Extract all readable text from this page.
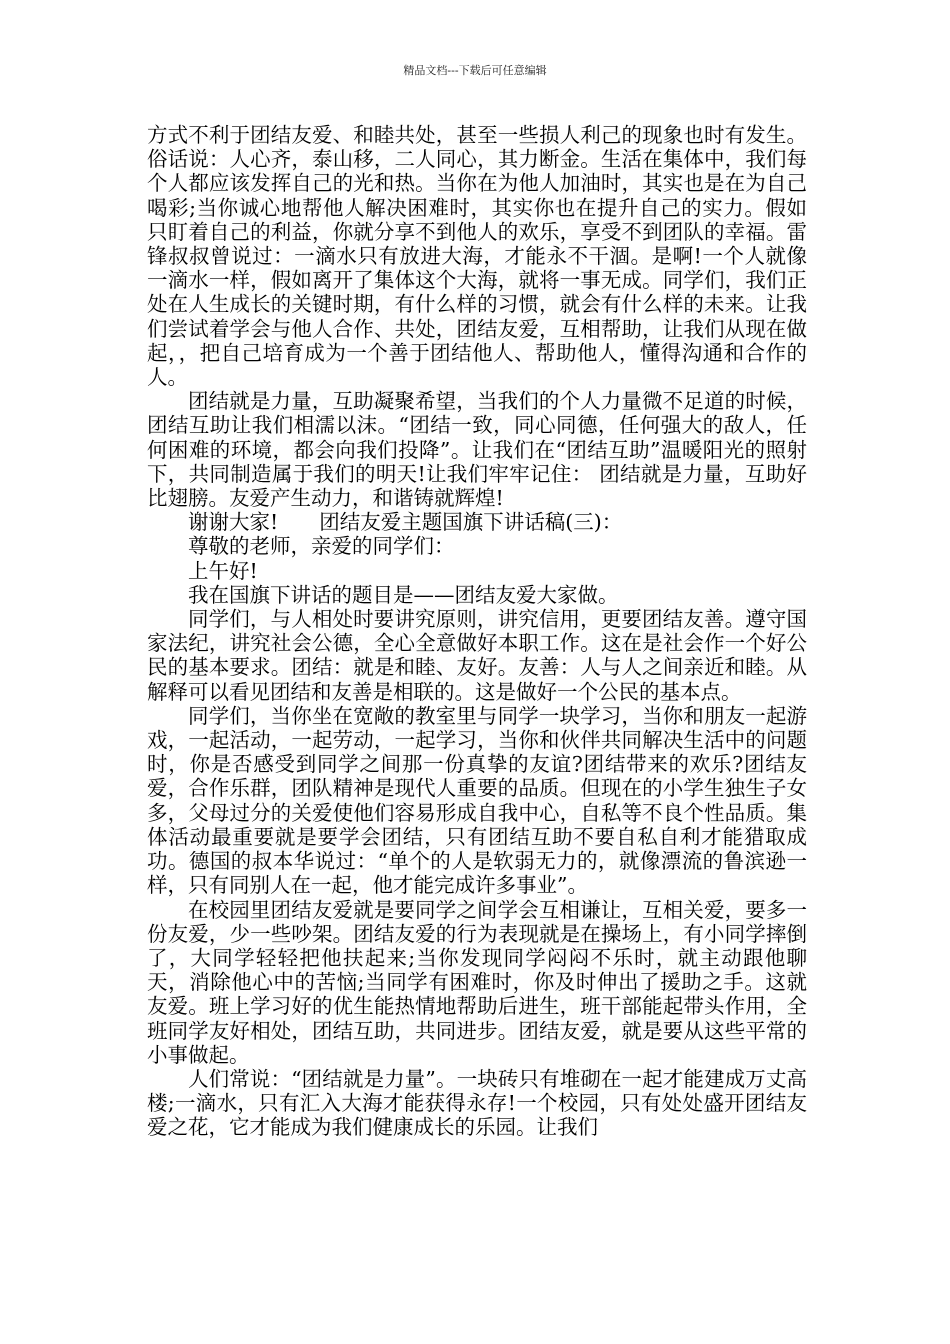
精品文档---下载后可任意编辑

方式不利于团结友爱、和睦共处，甚至一些损人利己的现象也时有发生。俗话说：人心齐，泰山移，二人同心，其力断金。生活在集体中，我们每个人都应该发挥自己的光和热。当你在为他人加油时，其实也是在为自己喝彩;当你诚心地帮他人解决困难时，其实你也在提升自己的实力。假如只盯着自己的利益，你就分享不到他人的欢乐，享受不到团队的幸福。雷锋叔叔曾说过：一滴水只有放进大海，才能永不干涸。是啊!一个人就像一滴水一样，假如离开了集体这个大海，就将一事无成。同学们，我们正处在人生成长的关键时期，有什么样的习惯，就会有什么样的未来。让我们尝试着学会与他人合作、共处，团结友爱，互相帮助，让我们从现在做起，，把自己培育成为一个善于团结他人、帮助他人，懂得沟通和合作的人。

团结就是力量，互助凝聚希望，当我们的个人力量微不足道的时候，团结互助让我们相濡以沫。“团结一致，同心同德，任何强大的敌人，任何困难的环境，都会向我们投降”。让我们在“团结互助”温暖阳光的照射下，共同制造属于我们的明天!让我们牢牢记住： 团结就是力量，互助好比翅膀。友爱产生动力，和谐铸就辉煌!

谢谢大家!　　团结友爱主题国旗下讲话稿(三)：

尊敬的老师，亲爱的同学们：

上午好!

我在国旗下讲话的题目是——团结友爱大家做。

同学们，与人相处时要讲究原则，讲究信用，更要团结友善。遵守国家法纪，讲究社会公德，全心全意做好本职工作。这在是社会作一个好公民的基本要求。团结：就是和睦、友好。友善：人与人之间亲近和睦。从解释可以看见团结和友善是相联的。这是做好一个公民的基本点。

同学们，当你坐在宽敞的教室里与同学一块学习，当你和朋友一起游戏，一起活动，一起劳动，一起学习，当你和伙伴共同解决生活中的问题时，你是否感受到同学之间那一份真挚的友谊?团结带来的欢乐?团结友爱，合作乐群，团队精神是现代人重要的品质。但现在的小学生独生子女多，父母过分的关爱使他们容易形成自我中心，自私等不良个性品质。集体活动最重要就是要学会团结，只有团结互助不要自私自利才能猎取成功。德国的叔本华说过：“单个的人是软弱无力的，就像漂流的鲁滨逊一样，只有同别人在一起，他才能完成许多事业”。

在校园里团结友爱就是要同学之间学会互相谦让，互相关爱，要多一份友爱，少一些吵架。团结友爱的行为表现就是在操场上，有小同学摔倒了，大同学轻轻把他扶起来;当你发现同学闷闷不乐时，就主动跟他聊天，消除他心中的苦恼;当同学有困难时，你及时伸出了援助之手。这就友爱。班上学习好的优生能热情地帮助后进生，班干部能起带头作用，全班同学友好相处，团结互助，共同进步。团结友爱，就是要从这些平常的小事做起。

人们常说：“团结就是力量”。一块砖只有堆砌在一起才能建成万丈高楼;一滴水，只有汇入大海才能获得永存!一个校园，只有处处盛开团结友爱之花，它才能成为我们健康成长的乐园。让我们
